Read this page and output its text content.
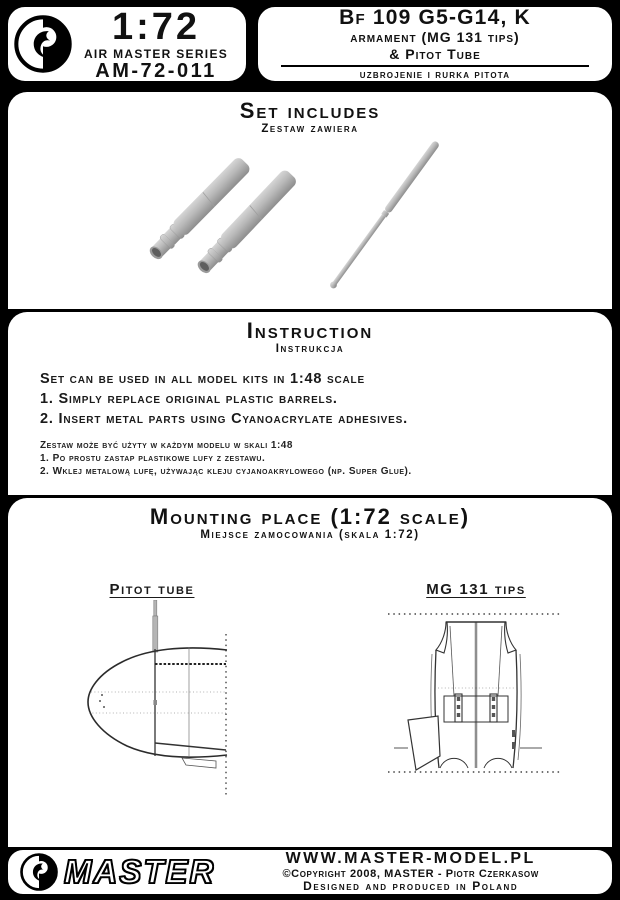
1:72
AIR MASTER SERIES
AM-72-011
Bf 109 G5-G14, K
armament (MG 131 tips)
& Pitot Tube
uzbrojenie i rurka pitota
Set includes
Zestaw zawiera
Instruction
Instrukcja
Set can be used in all model kits in 1:48 scale
1. Simply replace original plastic barrels.
2. Insert metal parts using Cyanoacrylate adhesives.
Zestaw może być użyty w każdym modelu w skali 1:48
1. Po prostu zastap plastikowe lufy z zestawu.
2. Wklej metalową lufę, używając kleju cyjanoakrylowego (np. Super Glue).
Mounting place (1:72 scale)
Miejsce zamocowania (skala 1:72)
Pitot tube	MG 131 tips
MASTER	WWW.MASTER-MODEL.PL
©Copyright 2008, MASTER - Piotr Czerkasow
Designed and produced in Poland
